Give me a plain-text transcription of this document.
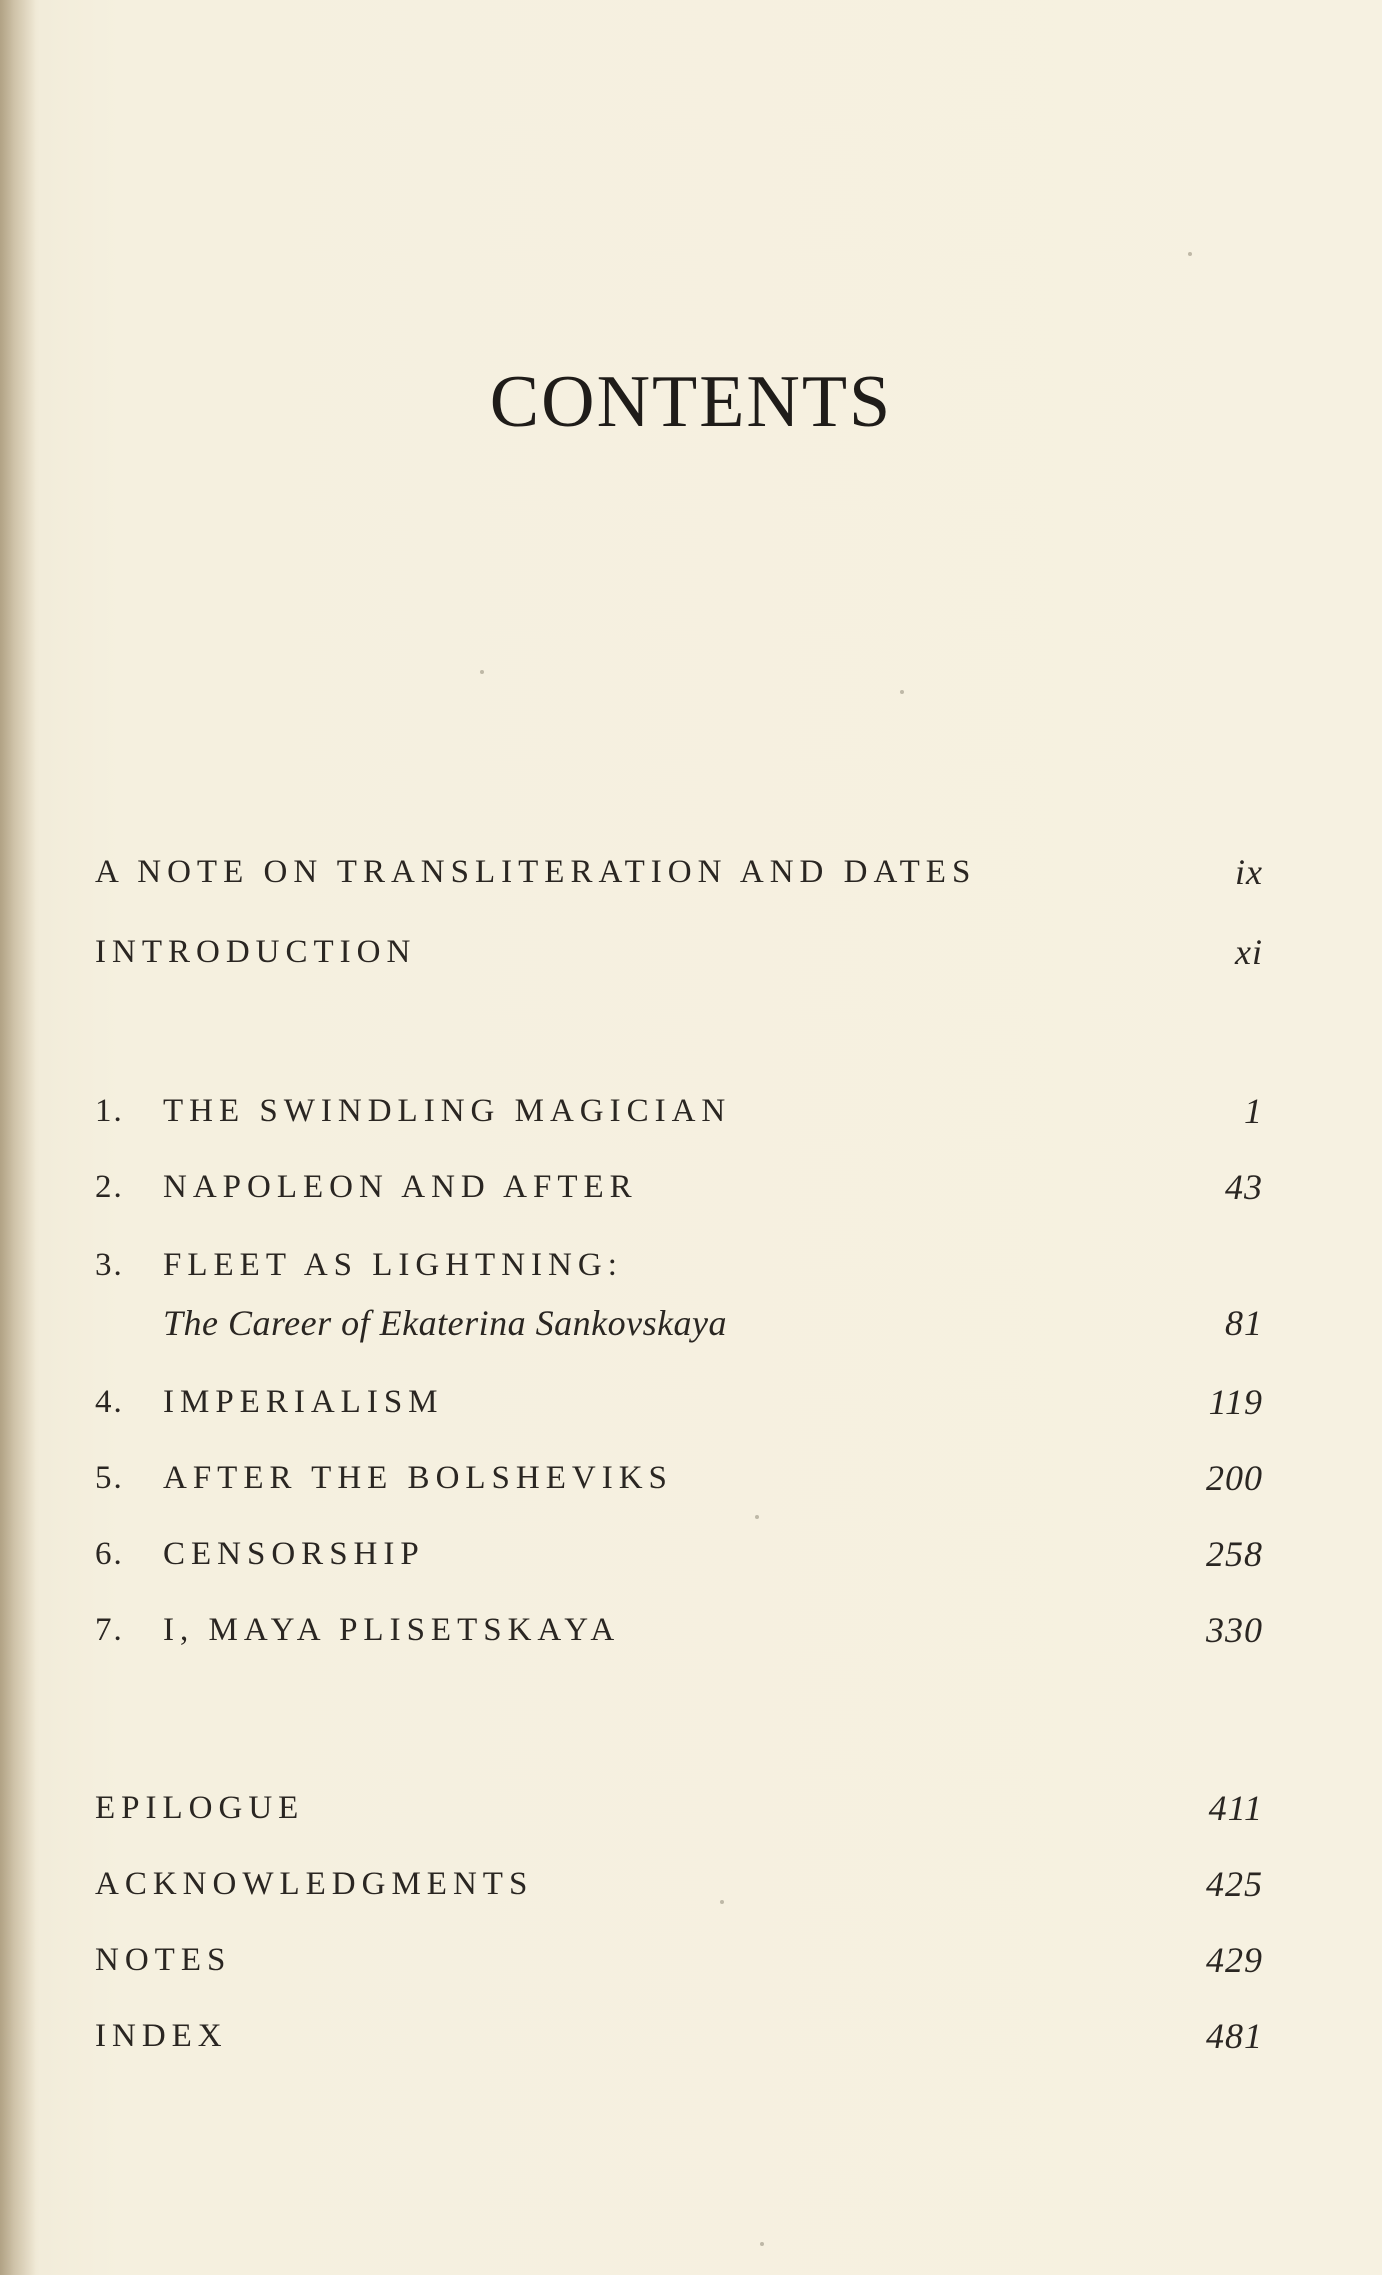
CONTENTS
A NOTE ON TRANSLITERATION AND DATES	ix
INTRODUCTION	xi
1. THE SWINDLING MAGICIAN	1
2. NAPOLEON AND AFTER	43
3. FLEET AS LIGHTNING:
The Career of Ekaterina Sankovskaya	81
4. IMPERIALISM	119
5. AFTER THE BOLSHEVIKS	200
6. CENSORSHIP	258
7. I, MAYA PLISETSKAYA	330
EPILOGUE	411
ACKNOWLEDGMENTS	425
NOTES	429
INDEX	481
